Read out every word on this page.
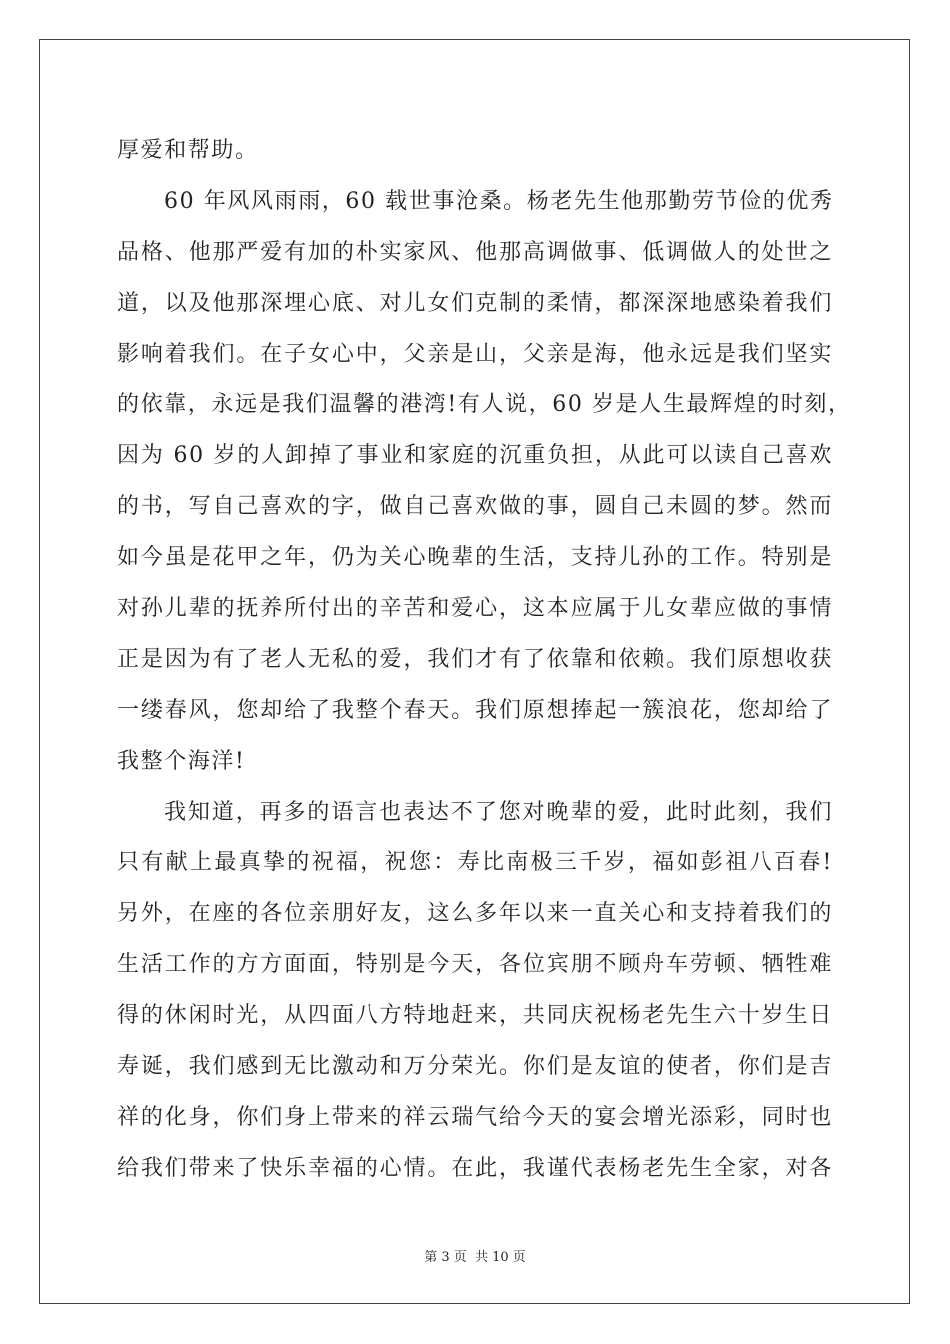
厚爱和帮助。
60 年风风雨雨，60 载世事沧桑。杨老先生他那勤劳节俭的优秀
品格、他那严爱有加的朴实家风、他那高调做事、低调做人的处世之
道，以及他那深埋心底、对儿女们克制的柔情，都深深地感染着我们
影响着我们。在子女心中，父亲是山，父亲是海，他永远是我们坚实
的依靠，永远是我们温馨的港湾!有人说，60 岁是人生最辉煌的时刻，
因为 60 岁的人卸掉了事业和家庭的沉重负担，从此可以读自己喜欢
的书，写自己喜欢的字，做自己喜欢做的事，圆自己未圆的梦。然而
如今虽是花甲之年，仍为关心晚辈的生活，支持儿孙的工作。特别是
对孙儿辈的抚养所付出的辛苦和爱心，这本应属于儿女辈应做的事情
正是因为有了老人无私的爱，我们才有了依靠和依赖。我们原想收获
一缕春风，您却给了我整个春天。我们原想捧起一簇浪花，您却给了
我整个海洋!
我知道，再多的语言也表达不了您对晚辈的爱，此时此刻，我们
只有献上最真挚的祝福，祝您：寿比南极三千岁，福如彭祖八百春!
另外，在座的各位亲朋好友，这么多年以来一直关心和支持着我们的
生活工作的方方面面，特别是今天，各位宾朋不顾舟车劳顿、牺牲难
得的休闲时光，从四面八方特地赶来，共同庆祝杨老先生六十岁生日
寿诞，我们感到无比激动和万分荣光。你们是友谊的使者，你们是吉
祥的化身，你们身上带来的祥云瑞气给今天的宴会增光添彩，同时也
给我们带来了快乐幸福的心情。在此，我谨代表杨老先生全家，对各
第 3 页 共 10 页
